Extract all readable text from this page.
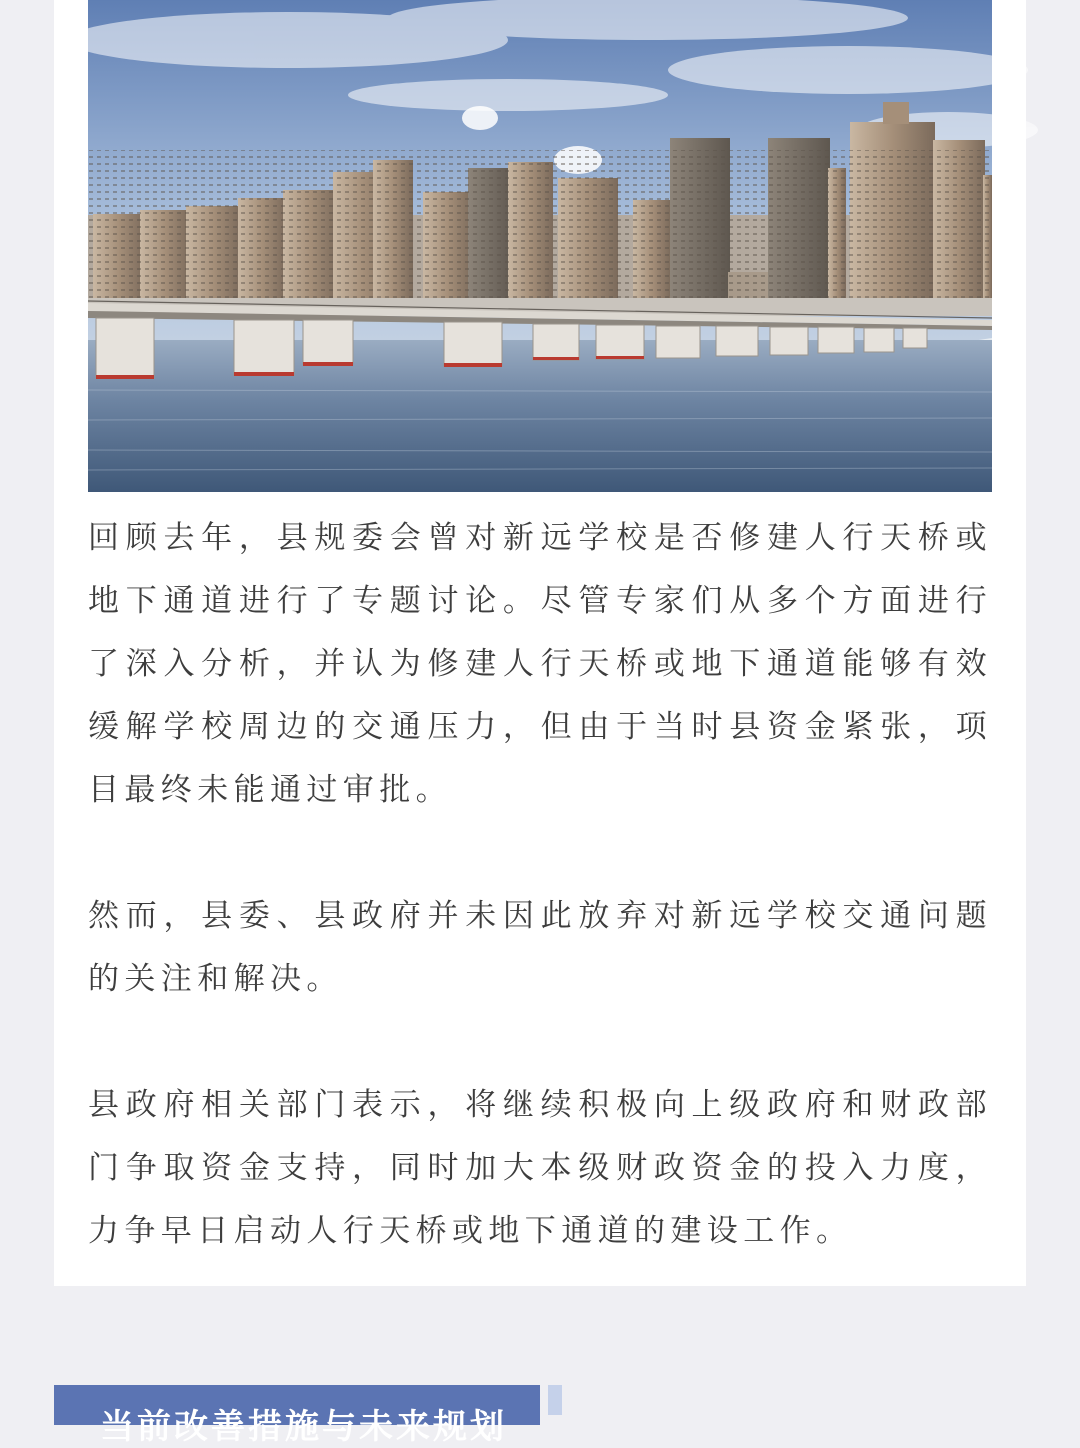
回顾去年，县规委会曾对新远学校是否修建人行天桥或地下通道进行了专题讨论。尽管专家们从多个方面进行了深入分析，并认为修建人行天桥或地下通道能够有效缓解学校周边的交通压力，但由于当时县资金紧张，项目最终未能通过审批。

然而，县委、县政府并未因此放弃对新远学校交通问题的关注和解决。

县政府相关部门表示，将继续积极向上级政府和财政部门争取资金支持，同时加大本级财政资金的投入力度，力争早日启动人行天桥或地下通道的建设工作。

当前改善措施与未来规划
